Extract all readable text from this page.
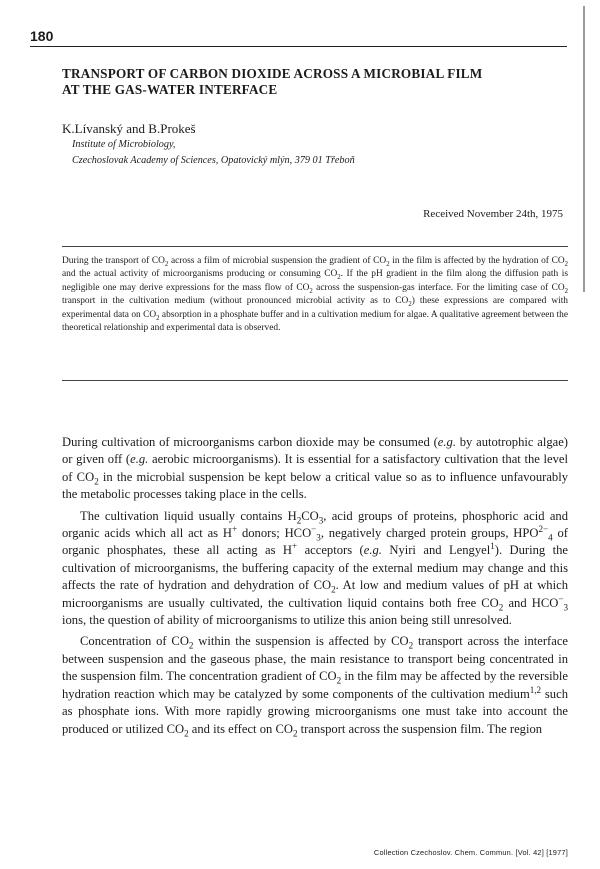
180
TRANSPORT OF CARBON DIOXIDE ACROSS A MICROBIAL FILM
AT THE GAS-WATER INTERFACE
K.Lívanský and B.Prokeš
Institute of Microbiology,
Czechoslovak Academy of Sciences, Opatovický mlýn, 379 01 Třeboň
Received November 24th, 1975

During the transport of $CO_2$ across a film of microbial suspension the gradient of $CO_2$ in the film is affected by the hydration of $CO_2$ and the actual activity of microorganisms producing or consuming $CO_2$. If the pH gradient in the film along the diffusion path is negligible one may derive expressions for the mass flow of $CO_2$ across the suspension-gas interface. For the limiting case of $CO_2$ transport in the cultivation medium (without pronounced microbial activity as to $CO_2$) these expressions are compared with experimental data on $CO_2$ absorption in a phosphate buffer and in a cultivation medium for algae. A qualitative agreement between the theoretical relationship and experimental data is observed.

During cultivation of microorganisms carbon dioxide may be consumed (e.g. by autotrophic algae) or given off (e.g. aerobic microorganisms). It is essential for a satisfactory cultivation that the level of $CO_2$ in the microbial suspension be kept below a critical value so as to influence unfavourably the metabolic processes taking place in the cells.

The cultivation liquid usually contains $H_2CO_3$, acid groups of proteins, phosphoric acid and organic acids which all act as H+ donors; $HCO^-_3$, negatively charged protein groups, $HPO^{2-}_4$ of organic phosphates, these all acting as H+ acceptors (e.g. Nyiri and Lengyel$^1$). During the cultivation of microorganisms, the buffering capacity of the external medium may change and this affects the rate of hydration and dehydration of $CO_2$. At low and medium values of pH at which microorganisms are usually cultivated, the cultivation liquid contains both free $CO_2$ and $HCO^-_3$ ions, the question of ability of microorganisms to utilize this anion being still unresolved.

Concentration of $CO_2$ within the suspension is affected by $CO_2$ transport across the interface between suspension and the gaseous phase, the main resistance to transport being concentrated in the suspension film. The concentration gradient of $CO_2$ in the film may be affected by the reversible hydration reaction which may be catalyzed by some components of the cultivation medium$^{1,2}$ such as phosphate ions. With more rapidly growing microorganisms one must take into account the produced or utilized $CO_2$ and its effect on $CO_2$ transport across the suspension film. The region

Collection Czechoslov. Chem. Commun. [Vol. 42] [1977]
